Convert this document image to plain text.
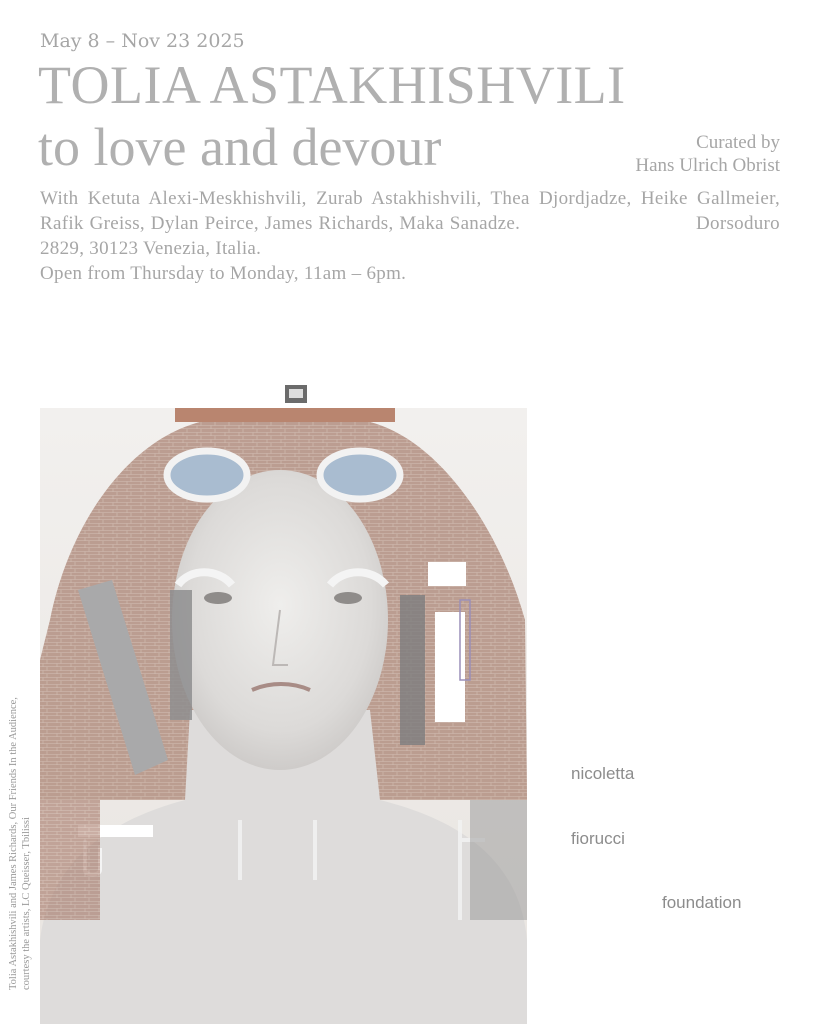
May 8 – Nov 23 2025
TOLIA ASTAKHISHVILI
to love and devour	Curated by
Hans Ulrich Obrist
With Ketuta Alexi-Meskhishvili, Zurab Astakhishvili, Thea Djordjadze, Heike Gallmeier, Rafik Greiss, Dylan Peirce, James Richards, Maka Sanadze.	Dorsoduro 2829, 30123 Venezia, Italia.
Open from Thursday to Monday, 11am – 6pm.
Tolia Astakhishvili and James Richards, Our Friends In the Audience, courtesy the artists, LC Queisser, Tbilissi
nicoletta
fiorucci
foundation
